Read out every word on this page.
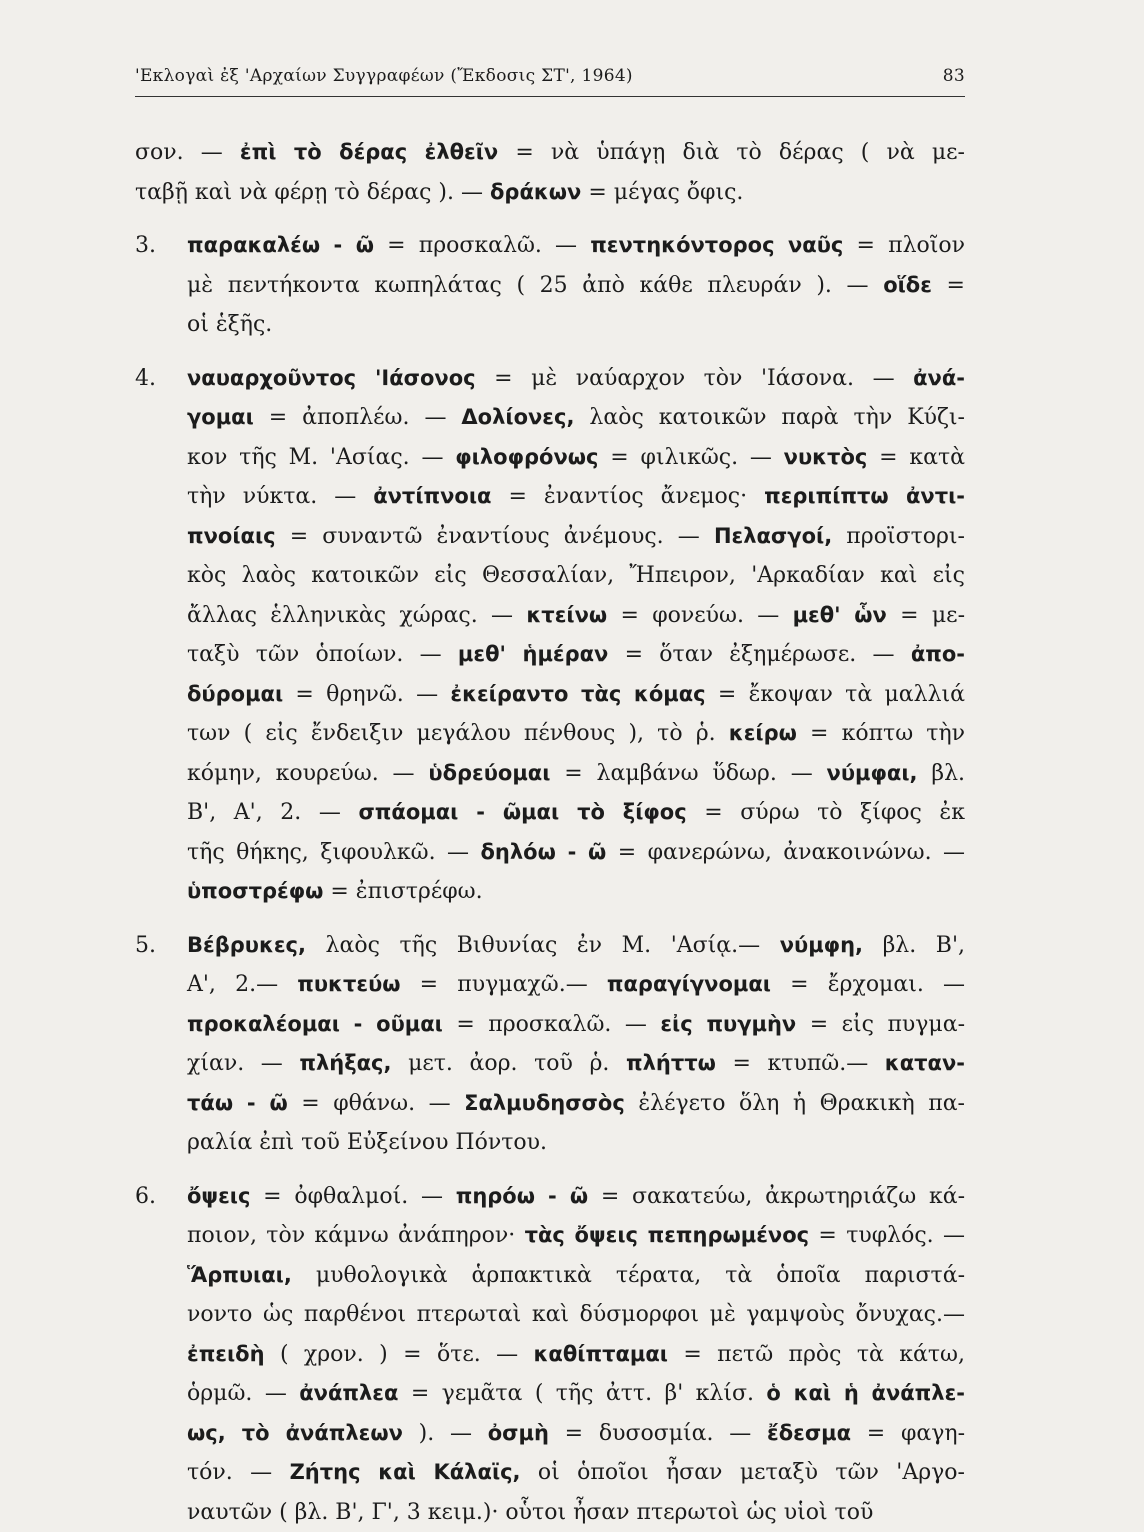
'Εκλογαὶ ἐξ 'Αρχαίων Συγγραφέων (Ἔκδοσις ΣΤ', 1964)	83
σον. — ἐπὶ τὸ δέρας ἐλθεῖν = νὰ ὑπάγῃ διὰ τὸ δέρας ( νὰ με-
ταβῇ καὶ νὰ φέρῃ τὸ δέρας ). — δράκων = μέγας ὄφις.
3. παρακαλέω - ῶ = προσκαλῶ. — πεντηκόντορος ναῦς = πλοῖον
μὲ πεντήκοντα κωπηλάτας ( 25 ἀπὸ κάθε πλευράν ). — οἵδε =
οἱ ἑξῆς.
4. ναυαρχοῦντος 'Ιάσονος = μὲ ναύαρχον τὸν 'Ιάσονα. — ἀνά-
γομαι = ἀποπλέω. — Δολίονες, λαὸς κατοικῶν παρὰ τὴν Κύζι-
κον τῆς Μ. 'Ασίας. — φιλοφρόνως = φιλικῶς. — νυκτὸς = κατὰ
τὴν νύκτα. — ἀντίπνοια = ἐναντίος ἄνεμος· περιπίπτω ἀντι-
πνοίαις = συναντῶ ἐναντίους ἀνέμους. — Πελασγοί, προϊστορι-
κὸς λαὸς κατοικῶν εἰς Θεσσαλίαν, Ἤπειρον, 'Αρκαδίαν καὶ εἰς
ἄλλας ἑλληνικὰς χώρας. — κτείνω = φονεύω. — μεθ' ὧν = με-
ταξὺ τῶν ὁποίων. — μεθ' ἡμέραν = ὅταν ἐξημέρωσε. — ἀπο-
δύρομαι = θρηνῶ. — ἐκείραντο τὰς κόμας = ἔκοψαν τὰ μαλλιά
των ( εἰς ἔνδειξιν μεγάλου πένθους ), τὸ ῥ. κείρω = κόπτω τὴν
κόμην, κουρεύω. — ὑδρεύομαι = λαμβάνω ὕδωρ. — νύμφαι, βλ.
Β', Α', 2. — σπάομαι - ῶμαι τὸ ξίφος = σύρω τὸ ξίφος ἐκ
τῆς θήκης, ξιφουλκῶ. — δηλόω - ῶ = φανερώνω, ἀνακοινώνω. —
ὑποστρέφω = ἐπιστρέφω.
5. Βέβρυκες, λαὸς τῆς Βιθυνίας ἐν Μ. 'Ασίᾳ.— νύμφη, βλ. Β',
Α', 2.— πυκτεύω = πυγμαχῶ.— παραγίγνομαι = ἔρχομαι. —
προκαλέομαι - οῦμαι = προσκαλῶ. — εἰς πυγμὴν = εἰς πυγμα-
χίαν. — πλήξας, μετ. ἀορ. τοῦ ῥ. πλήττω = κτυπῶ.— καταν-
τάω - ῶ = φθάνω. — Σαλμυδησσὸς ἐλέγετο ὅλη ἡ Θρακικὴ πα-
ραλία ἐπὶ τοῦ Εὐξείνου Πόντου.
6. ὄψεις = ὀφθαλμοί. — πηρόω - ῶ = σακατεύω, ἀκρωτηριάζω κά-
ποιον, τὸν κάμνω ἀνάπηρον· τὰς ὄψεις πεπηρωμένος = τυφλός. —
Ἅρπυιαι, μυθολογικὰ ἁρπακτικὰ τέρατα, τὰ ὁποῖα παριστά-
νοντο ὡς παρθένοι πτερωταὶ καὶ δύσμορφοι μὲ γαμψοὺς ὄνυχας.—
ἐπειδὴ ( χρον. ) = ὅτε. — καθίπταμαι = πετῶ πρὸς τὰ κάτω,
ὁρμῶ. — ἀνάπλεα = γεμᾶτα ( τῆς ἀττ. β' κλίσ. ὁ καὶ ἡ ἀνάπλε-
ως, τὸ ἀνάπλεων ). — ὀσμὴ = δυσοσμία. — ἔδεσμα = φαγη-
τόν. — Ζήτης καὶ Κάλαϊς, οἱ ὁποῖοι ἦσαν μεταξὺ τῶν 'Αργο-
ναυτῶν ( βλ. Β', Γ', 3 κειμ.)· οὗτοι ἦσαν πτερωτοὶ ὡς υἱοὶ τοῦ
